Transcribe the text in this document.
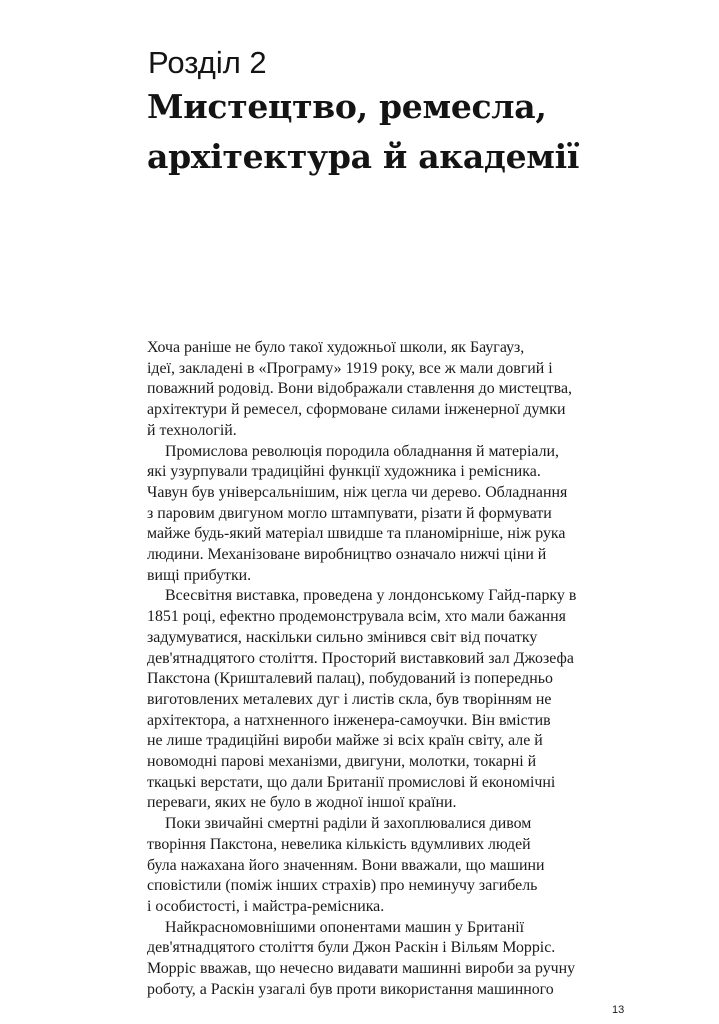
Розділ 2
Мистецтво, ремесла,
архітектура й академії

Хоча раніше не було такої художньої школи, як Баугауз,
ідеї, закладені в «Програму» 1919 року, все ж мали довгий і
поважний родовід. Вони відображали ставлення до мистецтва,
архітектури й ремесел, сформоване силами інженерної думки
й технологій.

Промислова революція породила обладнання й матеріали,
які узурпували традиційні функції художника і ремісника.
Чавун був універсальнішим, ніж цегла чи дерево. Обладнання
з паровим двигуном могло штампувати, різати й формувати
майже будь-який матеріал швидше та планомірніше, ніж рука
людини. Механізоване виробництво означало нижчі ціни й
вищі прибутки.

Всесвітня виставка, проведена у лондонському Гайд-парку в
1851 році, ефектно продемонструвала всім, хто мали бажання
задумуватися, наскільки сильно змінився світ від початку
дев'ятнадцятого століття. Просторий виставковий зал Джозефа
Пакстона (Кришталевий палац), побудований із попередньо
виготовлених металевих дуг і листів скла, був творінням не
архітектора, а натхненного інженера-самоучки. Він вмістив
не лише традиційні вироби майже зі всіх країн світу, але й
новомодні парові механізми, двигуни, молотки, токарні й
ткацькі верстати, що дали Британії промислові й економічні
переваги, яких не було в жодної іншої країни.

Поки звичайні смертні раділи й захоплювалися дивом
творіння Пакстона, невелика кількість вдумливих людей
була нажахана його значенням. Вони вважали, що машини
сповістили (поміж інших страхів) про неминучу загибель
і особистості, і майстра-ремісника.

Найкрасномовнішими опонентами машин у Британії
дев'ятнадцятого століття були Джон Раскін і Вільям Морріс.
Морріс вважав, що нечесно видавати машинні вироби за ручну
роботу, а Раскін узагалі був проти використання машинного

13
